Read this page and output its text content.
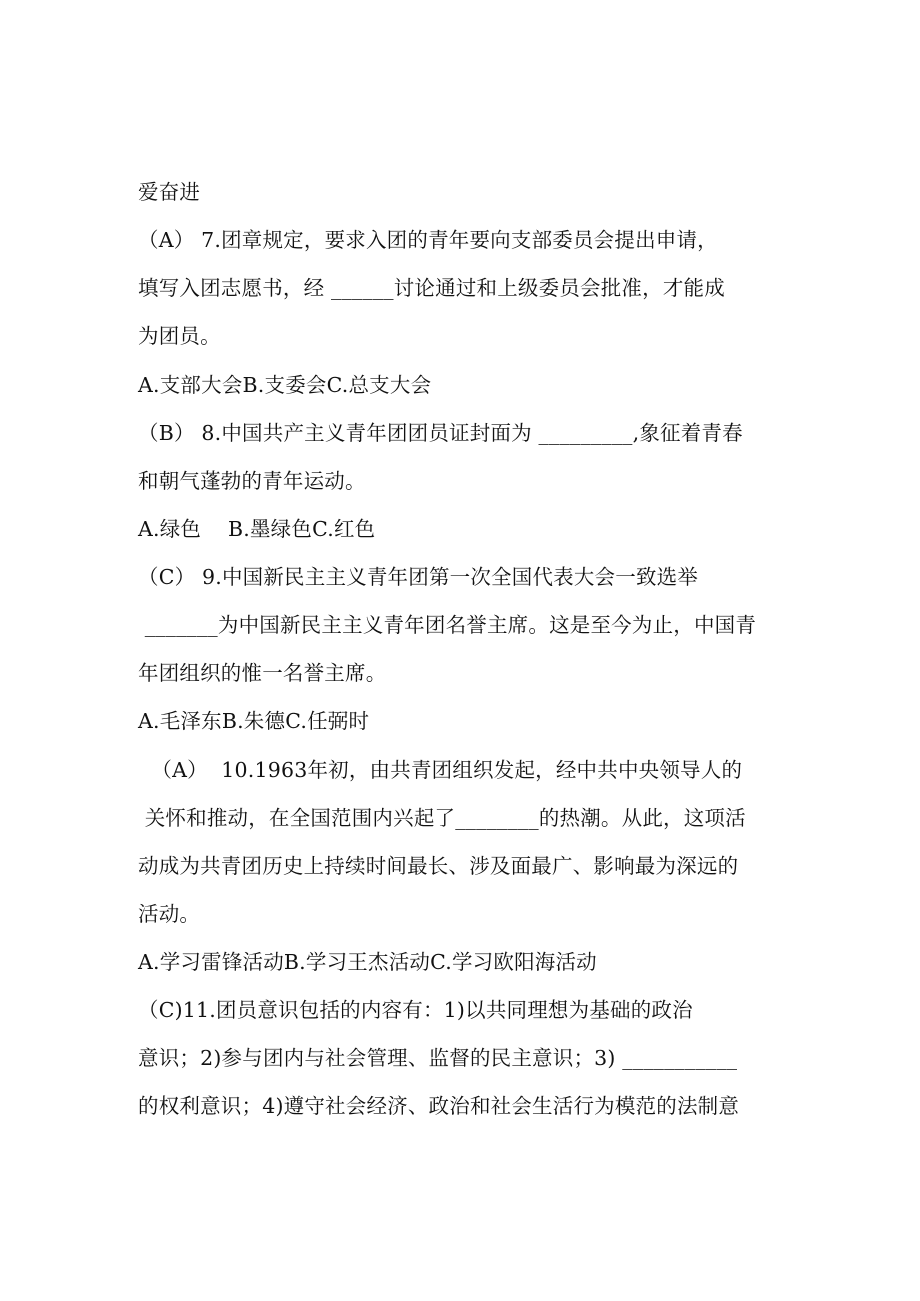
爱奋进
（A） 7.团章规定，要求入团的青年要向支部委员会提出申请，
填写入团志愿书，经 ______讨论通过和上级委员会批准，才能成
为团员。
A.支部大会B.支委会C.总支大会
（B） 8.中国共产主义青年团团员证封面为 _________,象征着青春
和朝气蓬勃的青年运动。
A.绿色    B.墨绿色C.红色
（C） 9.中国新民主主义青年团第一次全国代表大会一致选举
_______为中国新民主主义青年团名誉主席。这是至今为止，中国青
年团组织的惟一名誉主席。
A.毛泽东B.朱德C.任弼时
（A）  10.1963年初，由共青团组织发起，经中共中央领导人的
关怀和推动，在全国范围内兴起了________的热潮。从此，这项活
动成为共青团历史上持续时间最长、涉及面最广、影响最为深远的
活动。
A.学习雷锋活动B.学习王杰活动C.学习欧阳海活动
（C)11.团员意识包括的内容有：1)以共同理想为基础的政治
意识；2)参与团内与社会管理、监督的民主意识；3) ___________
的权利意识；4)遵守社会经济、政治和社会生活行为模范的法制意
